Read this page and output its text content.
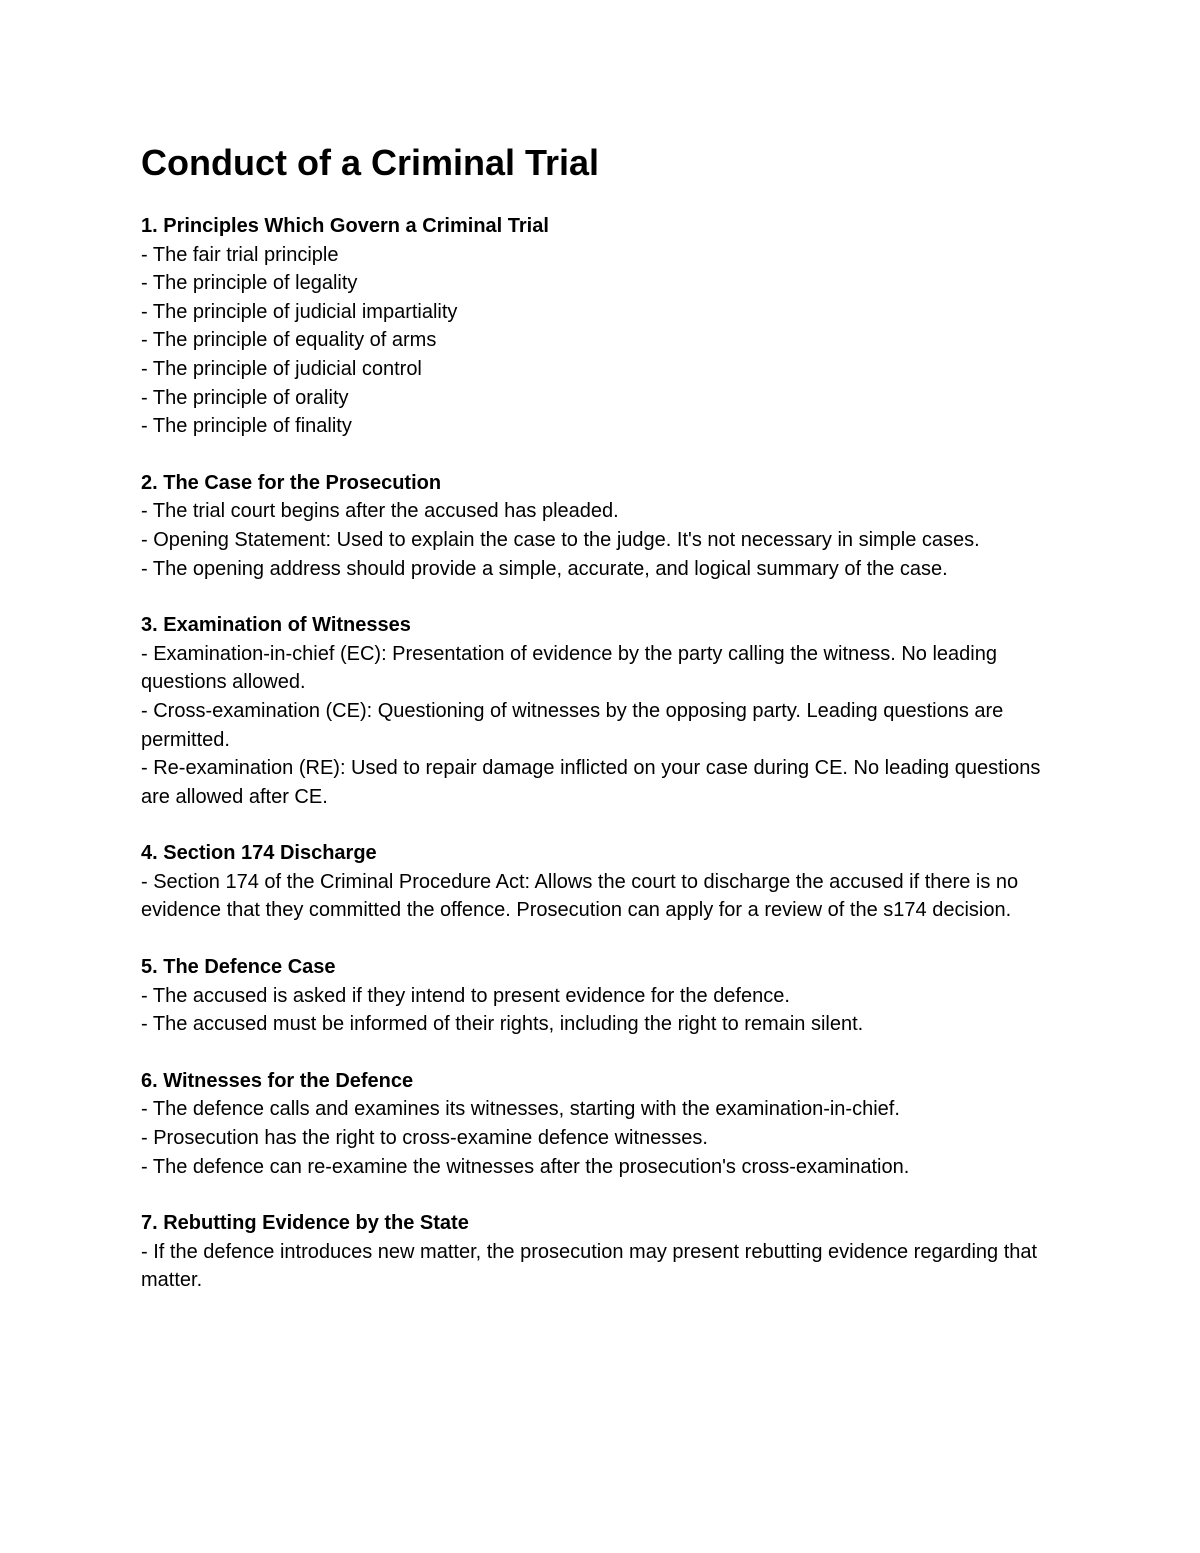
Conduct of a Criminal Trial

1. Principles Which Govern a Criminal Trial

- The fair trial principle

- The principle of legality

- The principle of judicial impartiality

- The principle of equality of arms

- The principle of judicial control

- The principle of orality

- The principle of finality

2. The Case for the Prosecution

- The trial court begins after the accused has pleaded.

- Opening Statement: Used to explain the case to the judge. It's not necessary in simple cases.

- The opening address should provide a simple, accurate, and logical summary of the case.

3. Examination of Witnesses

- Examination-in-chief (EC): Presentation of evidence by the party calling the witness. No leading questions allowed.

- Cross-examination (CE): Questioning of witnesses by the opposing party. Leading questions are permitted.

- Re-examination (RE): Used to repair damage inflicted on your case during CE. No leading questions are allowed after CE.

4. Section 174 Discharge

- Section 174 of the Criminal Procedure Act: Allows the court to discharge the accused if there is no evidence that they committed the offence. Prosecution can apply for a review of the s174 decision.

5. The Defence Case

- The accused is asked if they intend to present evidence for the defence.

- The accused must be informed of their rights, including the right to remain silent.

6. Witnesses for the Defence

- The defence calls and examines its witnesses, starting with the examination-in-chief.

- Prosecution has the right to cross-examine defence witnesses.

- The defence can re-examine the witnesses after the prosecution's cross-examination.

7. Rebutting Evidence by the State

- If the defence introduces new matter, the prosecution may present rebutting evidence regarding that matter.
